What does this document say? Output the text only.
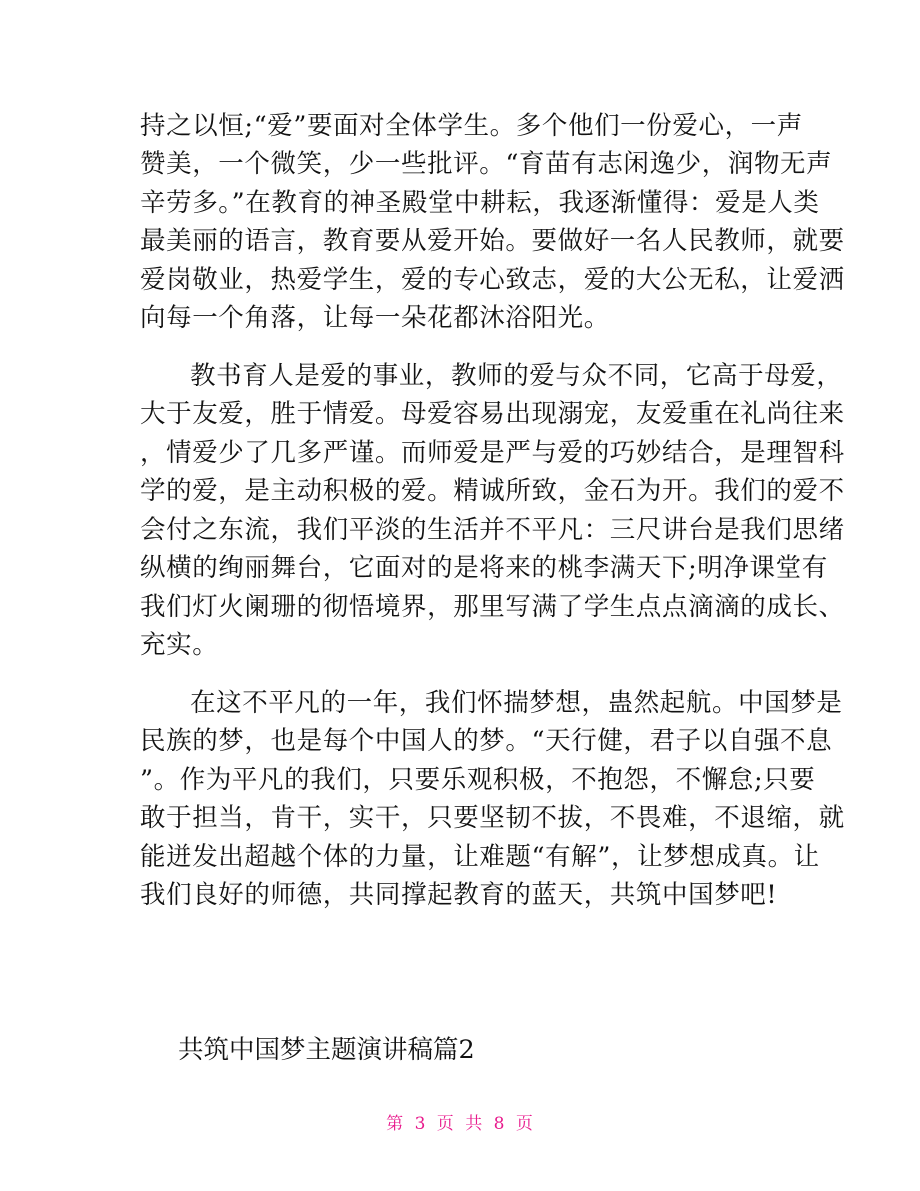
持之以恒;“爱”要面对全体学生。多个他们一份爱心，一声
赞美，一个微笑，少一些批评。“育苗有志闲逸少，润物无声
辛劳多。”在教育的神圣殿堂中耕耘，我逐渐懂得：爱是人类
最美丽的语言，教育要从爱开始。要做好一名人民教师，就要
爱岗敬业，热爱学生，爱的专心致志，爱的大公无私，让爱洒
向每一个角落，让每一朵花都沐浴阳光。
教书育人是爱的事业，教师的爱与众不同，它高于母爱，
大于友爱，胜于情爱。母爱容易出现溺宠，友爱重在礼尚往来
，情爱少了几多严谨。而师爱是严与爱的巧妙结合，是理智科
学的爱，是主动积极的爱。精诚所致，金石为开。我们的爱不
会付之东流，我们平淡的生活并不平凡：三尺讲台是我们思绪
纵横的绚丽舞台，它面对的是将来的桃李满天下;明净课堂有
我们灯火阑珊的彻悟境界，那里写满了学生点点滴滴的成长、
充实。
在这不平凡的一年，我们怀揣梦想，蛊然起航。中国梦是
民族的梦，也是每个中国人的梦。“天行健，君子以自强不息
”。作为平凡的我们，只要乐观积极，不抱怨，不懈怠;只要
敢于担当，肯干，实干，只要坚韧不拔，不畏难，不退缩，就
能迸发出超越个体的力量，让难题“有解”，让梦想成真。让
我们良好的师德，共同撑起教育的蓝天，共筑中国梦吧!
共筑中国梦主题演讲稿篇2
第 3 页 共 8 页
